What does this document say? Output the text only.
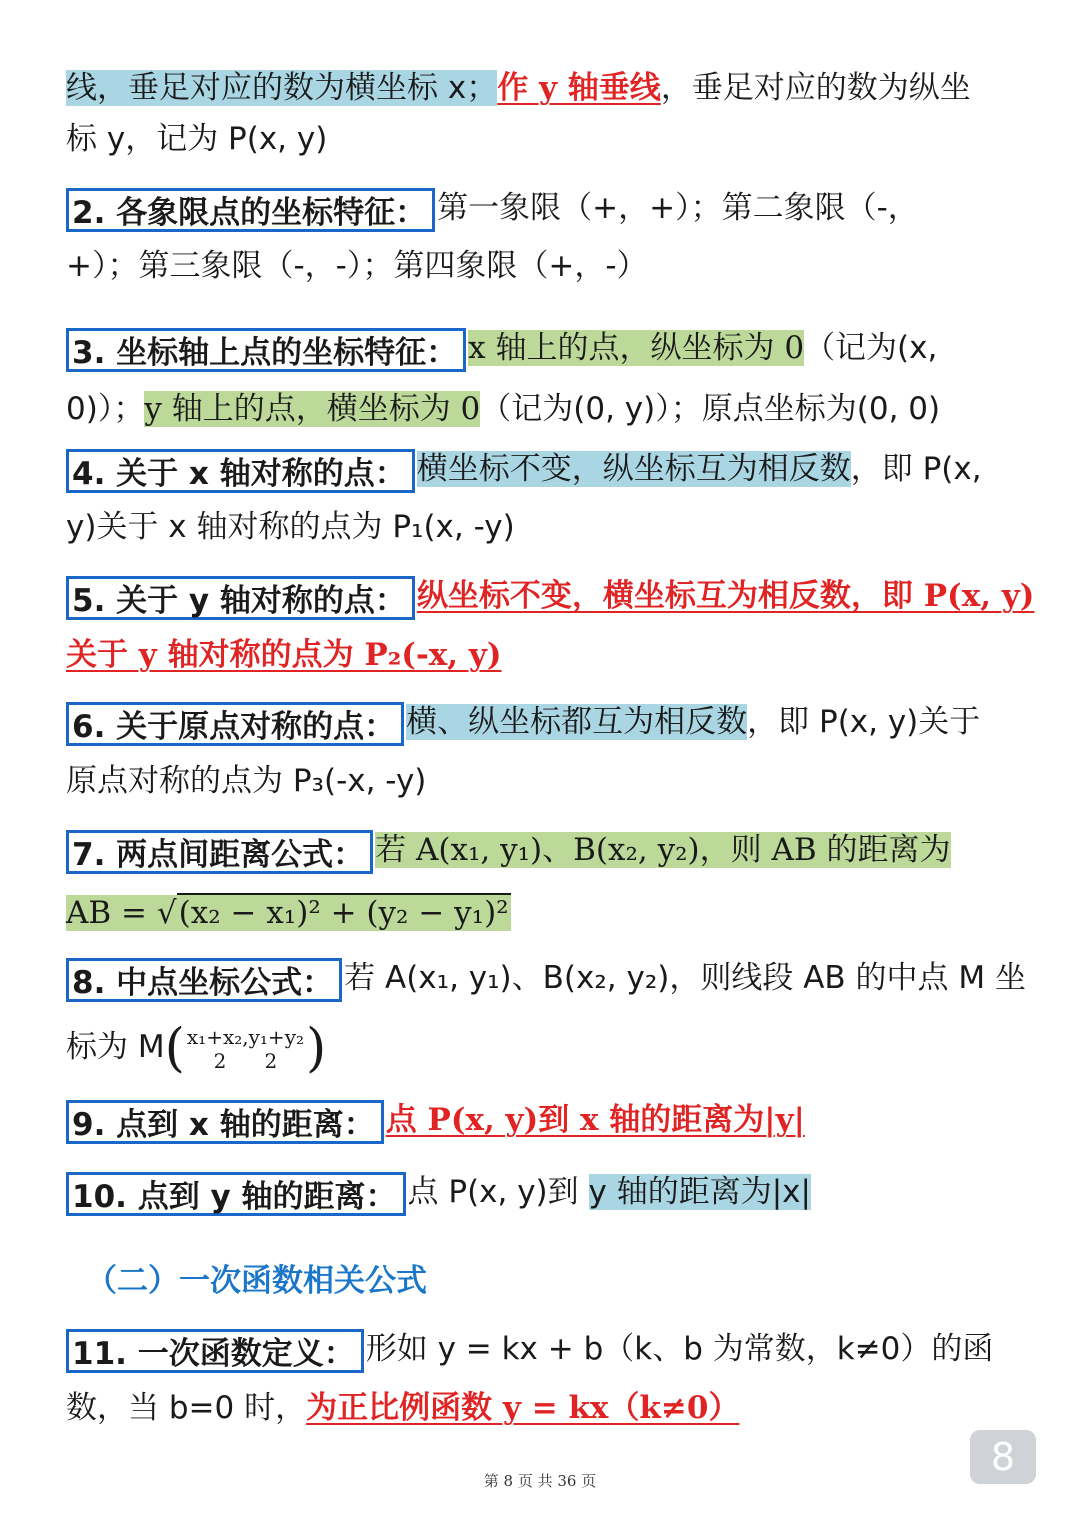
线，垂足对应的数为横坐标 x；作 y 轴垂线，垂足对应的数为纵坐
标 y，记为 P(x, y)
2. 各象限点的坐标特征： 第一象限（+，+）；第二象限（-，
+）；第三象限（-，-）；第四象限（+，-）
3. 坐标轴上点的坐标特征： x 轴上的点，纵坐标为 0（记为(x,
0)）；y 轴上的点，横坐标为 0（记为(0, y)）；原点坐标为(0, 0)
4. 关于 x 轴对称的点： 横坐标不变，纵坐标互为相反数，即 P(x,
y)关于 x 轴对称的点为 P₁(x, -y)
5. 关于 y 轴对称的点： 纵坐标不变，横坐标互为相反数，即 P(x, y)
关于 y 轴对称的点为 P₂(-x, y)
6. 关于原点对称的点： 横、纵坐标都互为相反数，即 P(x, y)关于
原点对称的点为 P₃(-x, -y)
7. 两点间距离公式： 若 A(x₁, y₁)、B(x₂, y₂)，则 AB 的距离为
AB = √(x₂ − x₁)² + (y₂ − y₁)²
8. 中点坐标公式： 若 A(x₁, y₁)、B(x₂, y₂)，则线段 AB 的中点 M 坐
标为 M( x₁+x₂,y₁+y₂
2      2 )
9. 点到 x 轴的距离： 点 P(x, y)到 x 轴的距离为|y|
10. 点到 y 轴的距离： 点 P(x, y)到 y 轴的距离为|x|
（二）一次函数相关公式
11. 一次函数定义： 形如 y = kx + b（k、b 为常数，k≠0）的函
数，当 b=0 时，为正比例函数 y = kx（k≠0）
8
第 8 页 共 36 页
